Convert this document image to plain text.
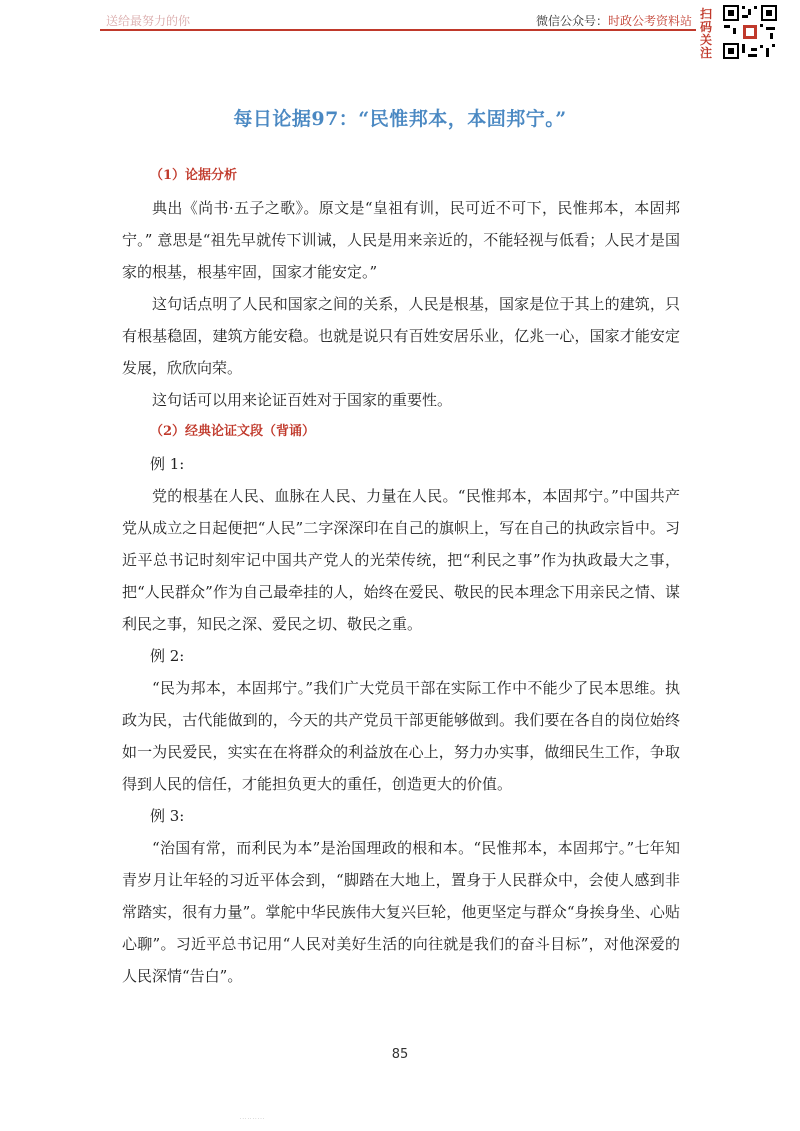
送给最努力的你	微信公众号：时政公考资料站 扫码关注
每日论据97：“民惟邦本，本固邦宁。”

（1）论据分析

典出《尚书·五子之歌》。原文是“皇祖有训，民可近不可下，民惟邦本，本固邦宁。” 意思是“祖先早就传下训诫，人民是用来亲近的，不能轻视与低看；人民才是国家的根基，根基牢固，国家才能安定。”

这句话点明了人民和国家之间的关系，人民是根基，国家是位于其上的建筑，只有根基稳固，建筑方能安稳。也就是说只有百姓安居乐业，亿兆一心，国家才能安定发展，欣欣向荣。

这句话可以用来论证百姓对于国家的重要性。

（2）经典论证文段（背诵）

例 1:

党的根基在人民、血脉在人民、力量在人民。“民惟邦本，本固邦宁。”中国共产党从成立之日起便把“人民”二字深深印在自己的旗帜上，写在自己的执政宗旨中。习近平总书记时刻牢记中国共产党人的光荣传统，把“利民之事”作为执政最大之事，把“人民群众”作为自己最牵挂的人，始终在爱民、敬民的民本理念下用亲民之情、谋利民之事，知民之深、爱民之切、敬民之重。

例 2:

“民为邦本，本固邦宁。”我们广大党员干部在实际工作中不能少了民本思维。执政为民，古代能做到的，今天的共产党员干部更能够做到。我们要在各自的岗位始终如一为民爱民，实实在在将群众的利益放在心上，努力办实事，做细民生工作，争取得到人民的信任，才能担负更大的重任，创造更大的价值。

例 3:

“治国有常，而利民为本”是治国理政的根和本。“民惟邦本，本固邦宁。”七年知青岁月让年轻的习近平体会到，“脚踏在大地上，置身于人民群众中，会使人感到非常踏实，很有力量”。掌舵中华民族伟大复兴巨轮，他更坚定与群众“身挨身坐、心贴心聊”。习近平总书记用“人民对美好生活的向往就是我们的奋斗目标”，对他深爱的人民深情“告白”。

85
· · · · · · · · · ·
